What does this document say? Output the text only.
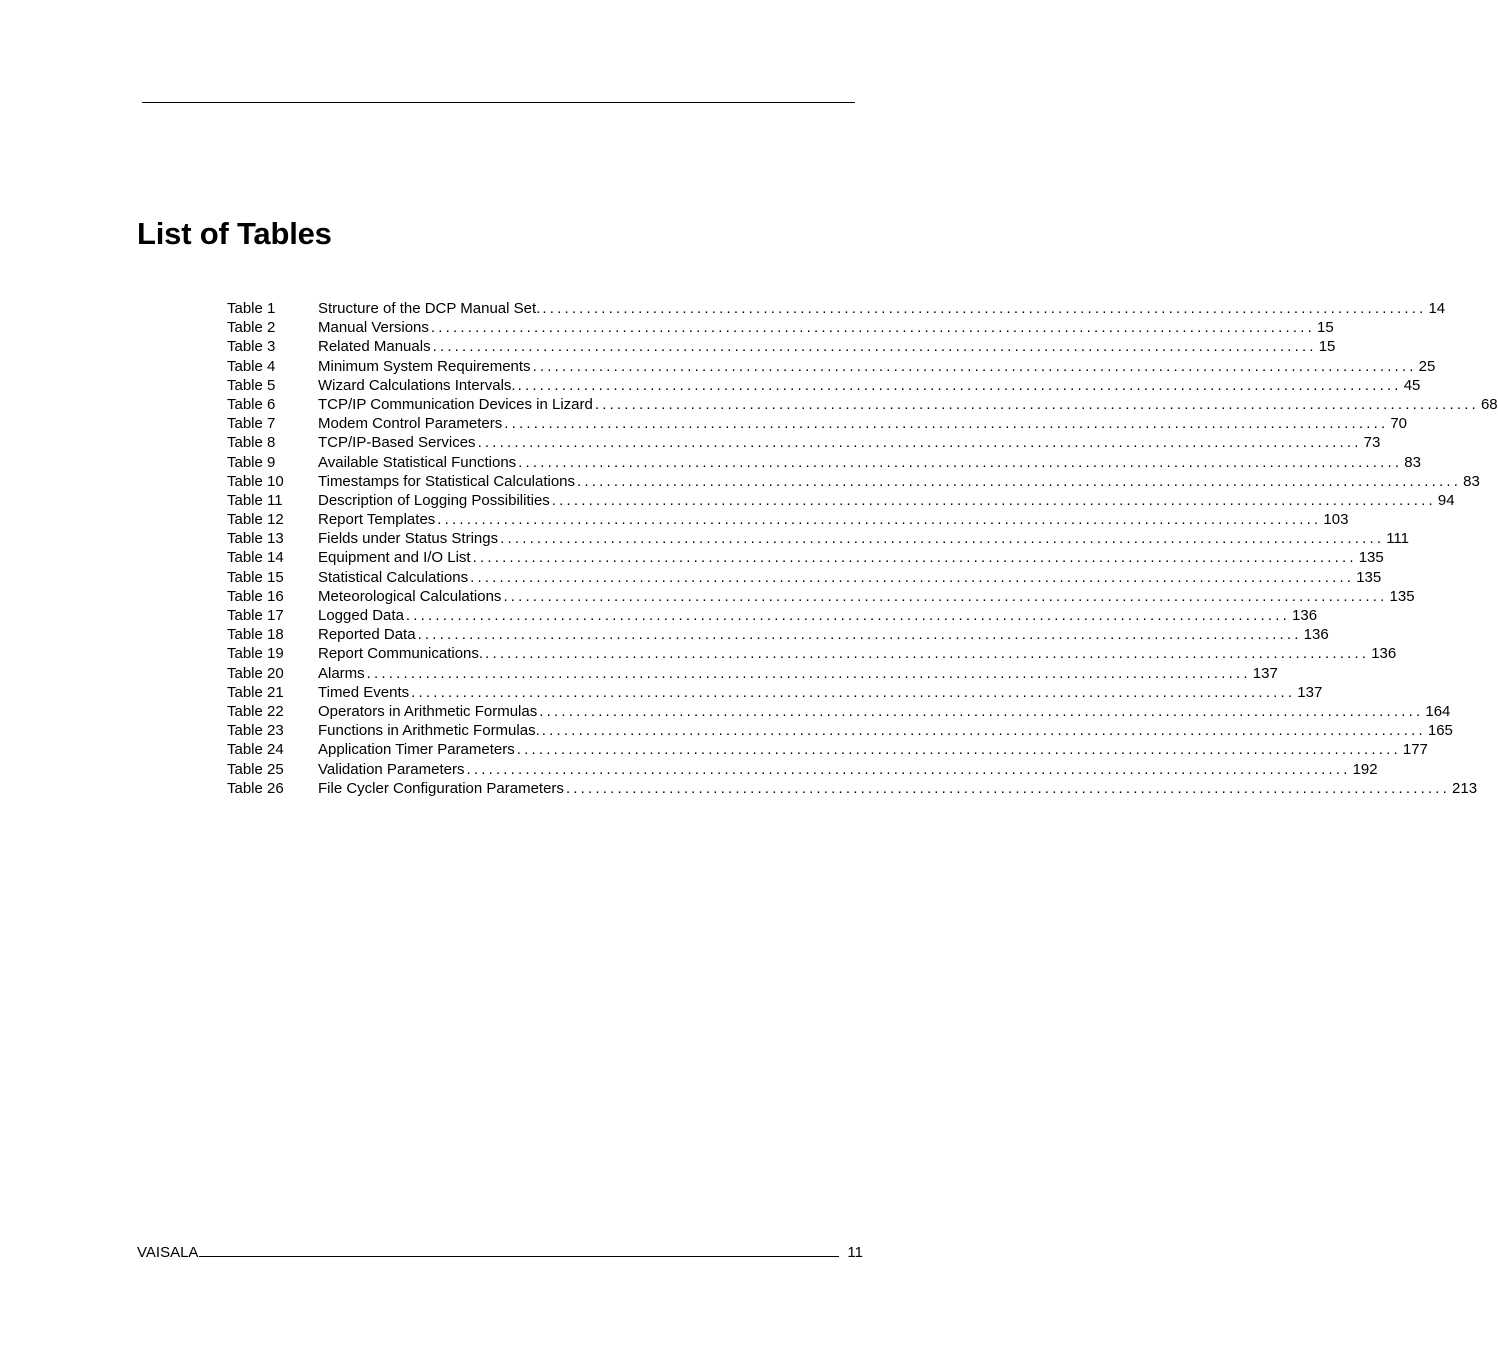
List of Tables
Table 1	Structure of the DCP Manual Set. ........................................................................................................................ 14
Table 2	Manual Versions ........................................................................................................................ 15
Table 3	Related Manuals ........................................................................................................................ 15
Table 4	Minimum System Requirements ........................................................................................................................ 25
Table 5	Wizard Calculations Intervals. ........................................................................................................................ 45
Table 6	TCP/IP Communication Devices in Lizard ........................................................................................................................ 68
Table 7	Modem Control Parameters ........................................................................................................................ 70
Table 8	TCP/IP-Based Services ........................................................................................................................ 73
Table 9	Available Statistical Functions ........................................................................................................................ 83
Table 10	Timestamps for Statistical Calculations ........................................................................................................................ 83
Table 11	Description of Logging Possibilities ........................................................................................................................ 94
Table 12	Report Templates ........................................................................................................................ 103
Table 13	Fields under Status Strings ........................................................................................................................ 111
Table 14	Equipment and I/O List ........................................................................................................................ 135
Table 15	Statistical Calculations ........................................................................................................................ 135
Table 16	Meteorological Calculations ........................................................................................................................ 135
Table 17	Logged Data ........................................................................................................................ 136
Table 18	Reported Data ........................................................................................................................ 136
Table 19	Report Communications. ........................................................................................................................ 136
Table 20	Alarms ........................................................................................................................ 137
Table 21	Timed Events ........................................................................................................................ 137
Table 22	Operators in Arithmetic Formulas ........................................................................................................................ 164
Table 23	Functions in Arithmetic Formulas. ........................................................................................................................ 165
Table 24	Application Timer Parameters ........................................................................................................................ 177
Table 25	Validation Parameters ........................................................................................................................ 192
Table 26	File Cycler Configuration Parameters ........................................................................................................................ 213
VAISALA	11
